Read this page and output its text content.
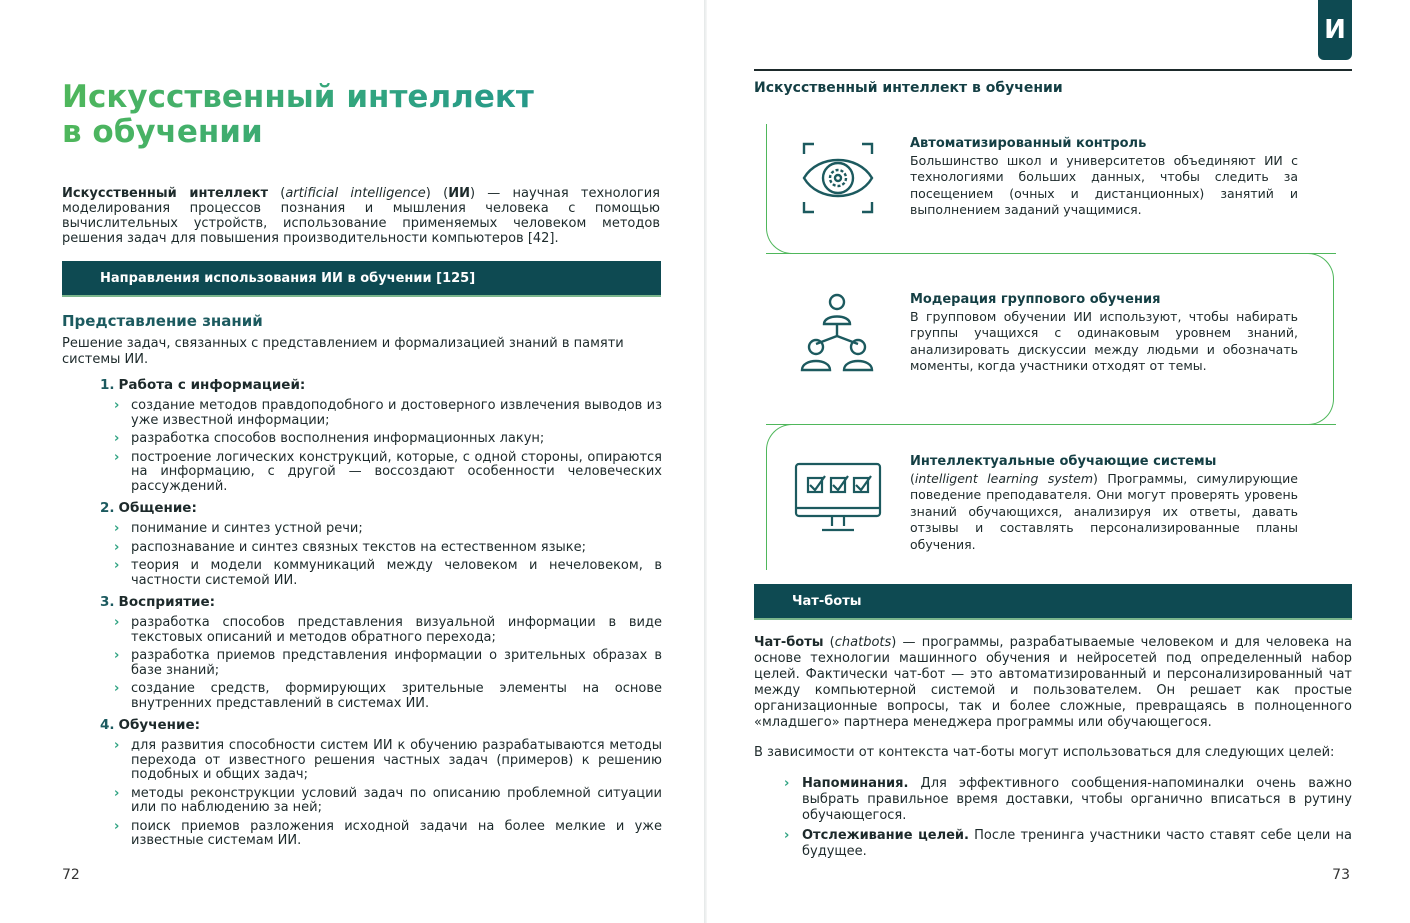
Искусственный интеллект
в обучении

Искусственный интеллект (artificial intelligence) (ИИ) — научная технология моделирования процессов познания и мышления человека с помощью вычислительных устройств, использование применяемых человеком методов решения задач для повышения производительности компьютеров [42].

Направления использования ИИ в обучении [125]
Представление знаний

Решение задач, связанных с представлением и формализацией знаний в памяти системы ИИ.

1. Работа с информацией:
› создание методов правдоподобного и достоверного извлечения выводов из уже известной информации;
› разработка способов восполнения информационных лакун;
› построение логических конструкций, которые, с одной стороны, опираются на информацию, с другой — воссоздают особенности человеческих рассуждений.
2. Общение:
› понимание и синтез устной речи;
› распознавание и синтез связных текстов на естественном языке;
› теория и модели коммуникаций между человеком и нечеловеком, в частности системой ИИ.
3. Восприятие:
› разработка способов представления визуальной информации в виде текстовых описаний и методов обратного перехода;
› разработка приемов представления информации о зрительных образах в базе знаний;
› создание средств, формирующих зрительные элементы на основе внутренних представлений в системах ИИ.
4. Обучение:
› для развития способности систем ИИ к обучению разрабатываются методы перехода от известного решения частных задач (примеров) к решению подобных и общих задач;
› методы реконструкции условий задач по описанию проблемной ситуации или по наблюдению за ней;
› поиск приемов разложения исходной задачи на более мелкие и уже известные системам ИИ.
72
И
Искусственный интеллект в обучении
Автоматизированный контроль
Большинство школ и университетов объединяют ИИ с технологиями больших данных, чтобы следить за посещением (очных и дистанционных) занятий и выполнением заданий учащимися.
Модерация группового обучения
В групповом обучении ИИ используют, чтобы набирать группы учащихся с одинаковым уровнем знаний, анализировать дискуссии между людьми и обозначать моменты, когда участники отходят от темы.
Интеллектуальные обучающие системы
(intelligent learning system) Программы, симулирующие поведение преподавателя. Они могут проверять уровень знаний обучающихся, анализируя их ответы, давать отзывы и составлять персонализированные планы обучения.
Чат-боты

Чат-боты (chatbots) — программы, разрабатываемые человеком и для человека на основе технологии машинного обучения и нейросетей под определенный набор целей. Фактически чат-бот — это автоматизированный и персонализированный чат между компьютерной системой и пользователем. Он решает как простые организационные вопросы, так и более сложные, превращаясь в полноценного «младшего» партнера менеджера программы или обучающегося.

В зависимости от контекста чат-боты могут использоваться для следующих целей:

› Напоминания. Для эффективного сообщения-напоминалки очень важно выбрать правильное время доставки, чтобы органично вписаться в рутину обучающегося.
› Отслеживание целей. После тренинга участники часто ставят себе цели на будущее.
73
